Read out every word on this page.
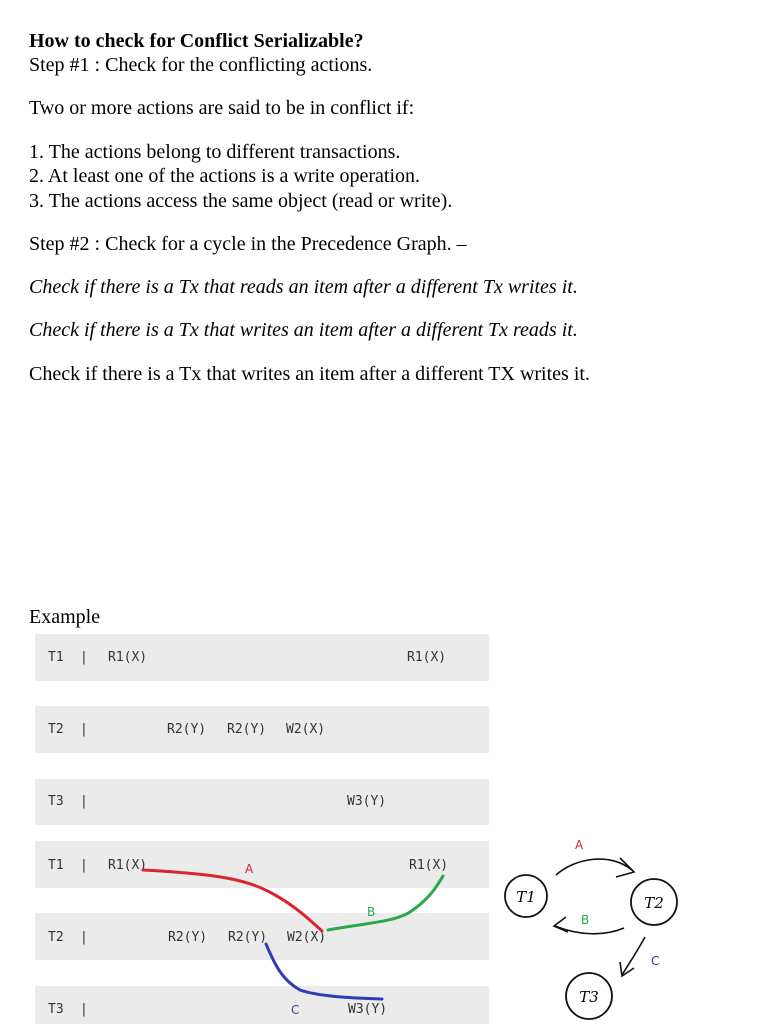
How to check for Conflict Serializable?
Step #1 : Check for the conflicting actions.
Two or more actions are said to be in conflict if:
1. The actions belong to different transactions.
2. At least one of the actions is a write operation.
3. The actions access the same object (read or write).
Step #2 : Check for a cycle in the Precedence Graph. –
Check if there is a Tx that reads an item after a different Tx writes it.
Check if there is a Tx that writes an item after a different Tx reads it.
Check if there is a Tx that writes an item after a different TX writes it.
Example
T1 | R1(X)	R1(X)
T2 |	R2(Y) R2(Y) W2(X)
T3 |	W3(Y)
T1 | R1(X)	R1(X)
T2 |	R2(Y) R2(Y) W2(X)
T3 |	W3(Y)
A
B
C
T1	T2
T3
A
B
C
